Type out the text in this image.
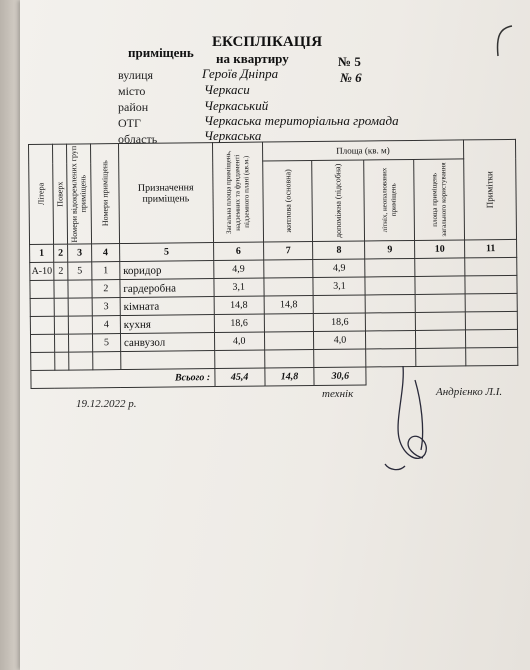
ЕКСПЛІКАЦІЯ
приміщень на квартиру	№ 5
№ 6
вулиця	Героїв Дніпра
місто	Черкаси
район	Черкаський
ОТГ	Черкаська територіальна громада
область	Черкаська
Літера	Поверх	Номери відокремлених груп приміщень	Номери приміщень	Призначення приміщень	Загальна площа приміщень, надземних та фундаменті підземного плані (кв.м.)	Площа (кв. м)				Примітки

						житлова (основна)	допоміжна (підсобна)	літніх, неопалюваних приміщень	площа приміщень загального користування	

1	2	3	4	5	6	7	8	9	10	11
А-10	2	5	1	коридор	4,9		4,9			
			2	гардеробна	3,1		3,1			
			3	кімната	14,8	14,8				
			4	кухня	18,6		18,6			
			5	санвузол	4,0		4,0			

Всього :					45,4	14,8	30,6			
19.12.2022 р.
технік	Андрієнко Л.І.
